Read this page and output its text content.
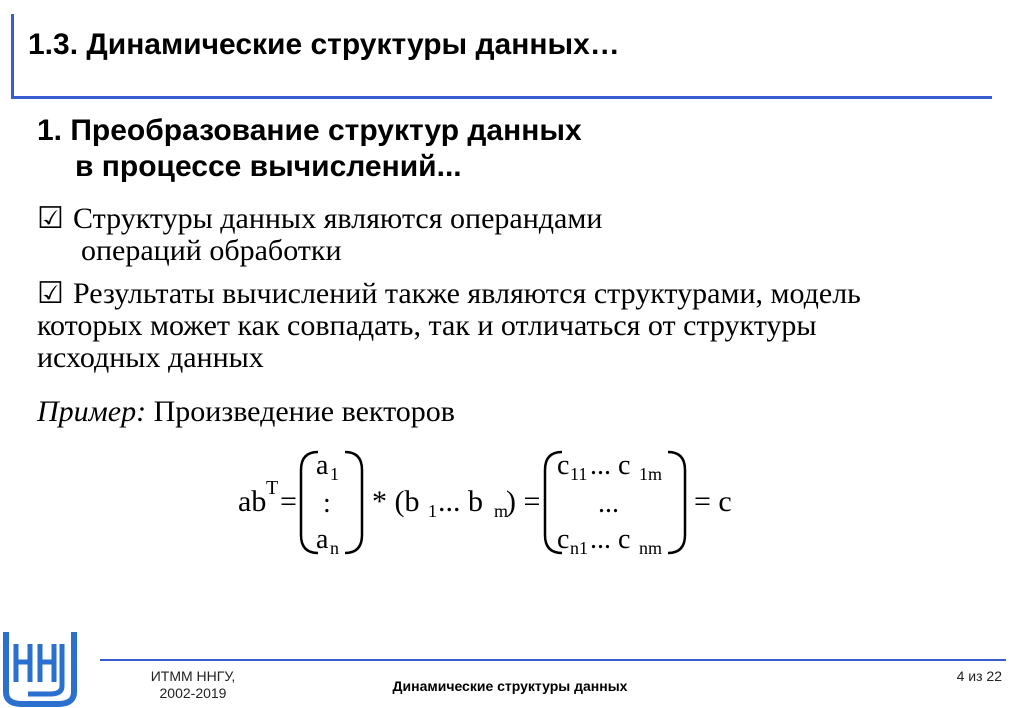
1.3. Динамические структуры данных…
1. Преобразование структур данных
в процессе вычислений...
☑ Структуры данных являются операндами
операций обработки
☑ Результаты вычислений также являются структурами, модель
которых может как совпадать, так и отличаться от структуры
исходных данных
Пример: Произведение векторов
ab T =
a 1
:
a n
* (b 1 ... b m
) =
c 11 ... c 1m
...
c n1 ... c nm
= c
ИТММ ННГУ,
2002-2019	Динамические структуры данных
4 из 22
